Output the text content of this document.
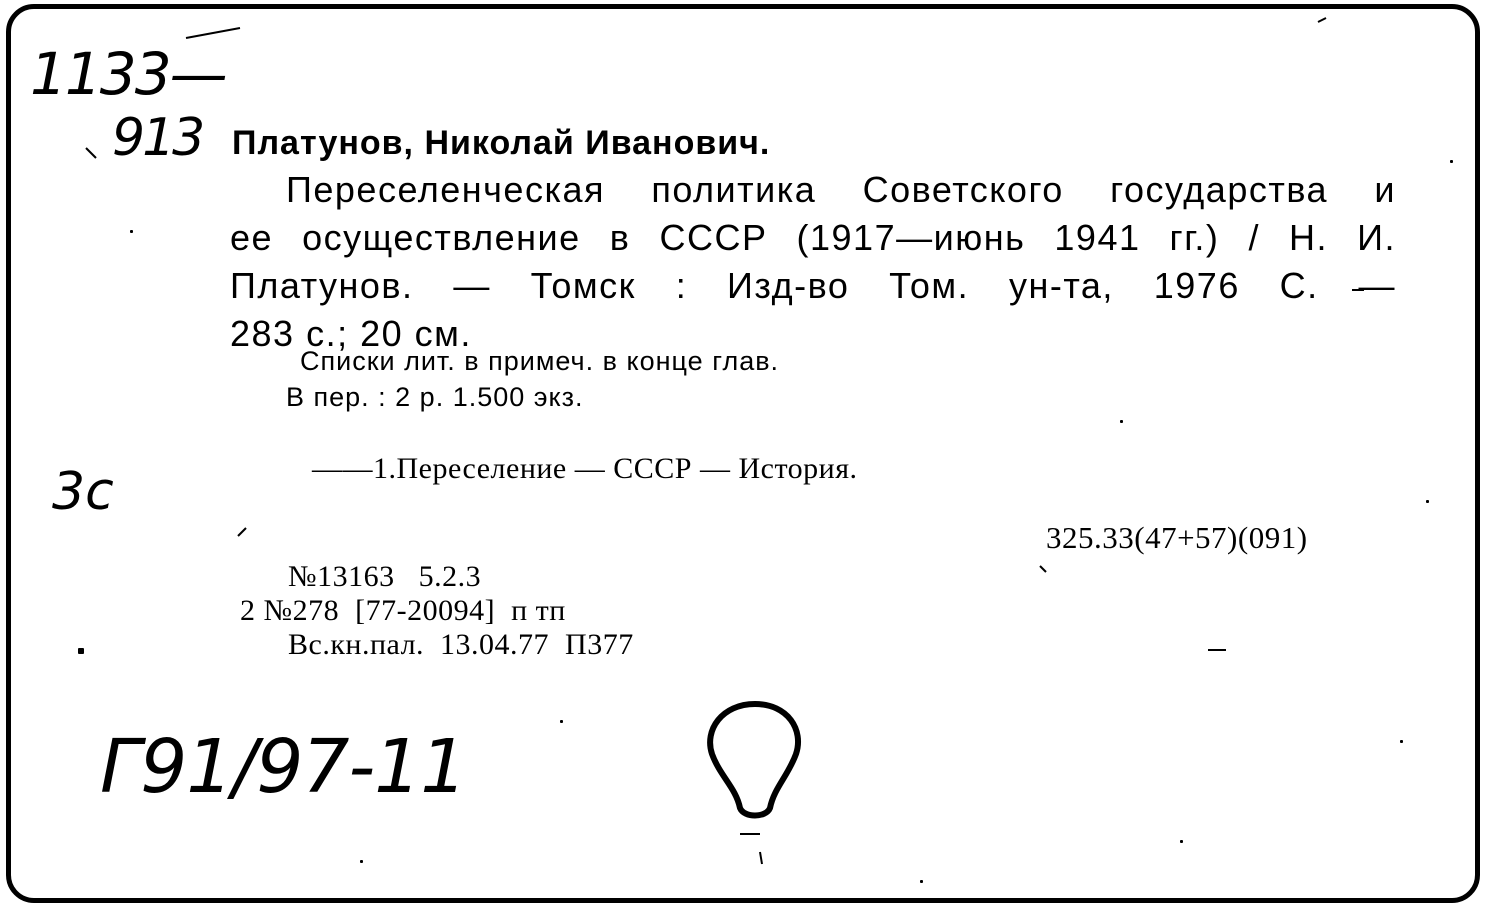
1133—
913
3с
Г91/97-11
Платунов, Николай Иванович.
Переселенческая политика Советского государства и
ее осуществление в СССР (1917—июнь 1941 гг.) / Н. И.
Платунов. — Томск : Изд-во Том. ун-та, 1976 С. —
283 с.; 20 см.
Списки лит. в примеч. в конце глав.
В пер. : 2 р. 1.500 экз.
——1.Переселение — СССР — История.
325.33(47+57)(091)
№13163   5.2.3
2 №278  [77-20094]  п тп
Вс.кн.пал.  13.04.77  П377
